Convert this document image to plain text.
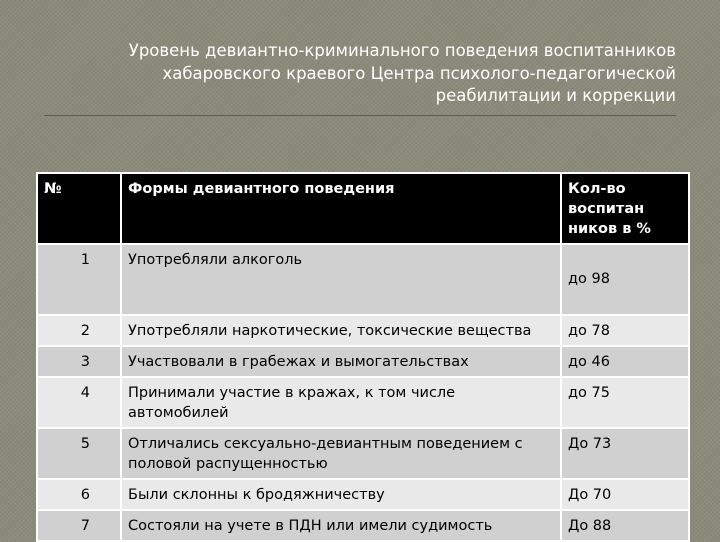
Уровень девиантно-криминального поведения воспитанников
хабаровского краевого Центра психолого-педагогической
реабилитации и коррекции
№	Формы девиантного поведения	Кол-во воспитан ников в %
1	Употребляли алкоголь	до 98
2	Употребляли наркотические, токсические вещества	до 78
3	Участвовали в грабежах и вымогательствах	до 46
4	Принимали участие в кражах, к том числе автомобилей	до 75
5	Отличались сексуально-девиантным поведением с половой распущенностью	До 73
6	Были склонны к бродяжничеству	До 70
7	Состояли на учете в ПДН или имели судимость	До 88
